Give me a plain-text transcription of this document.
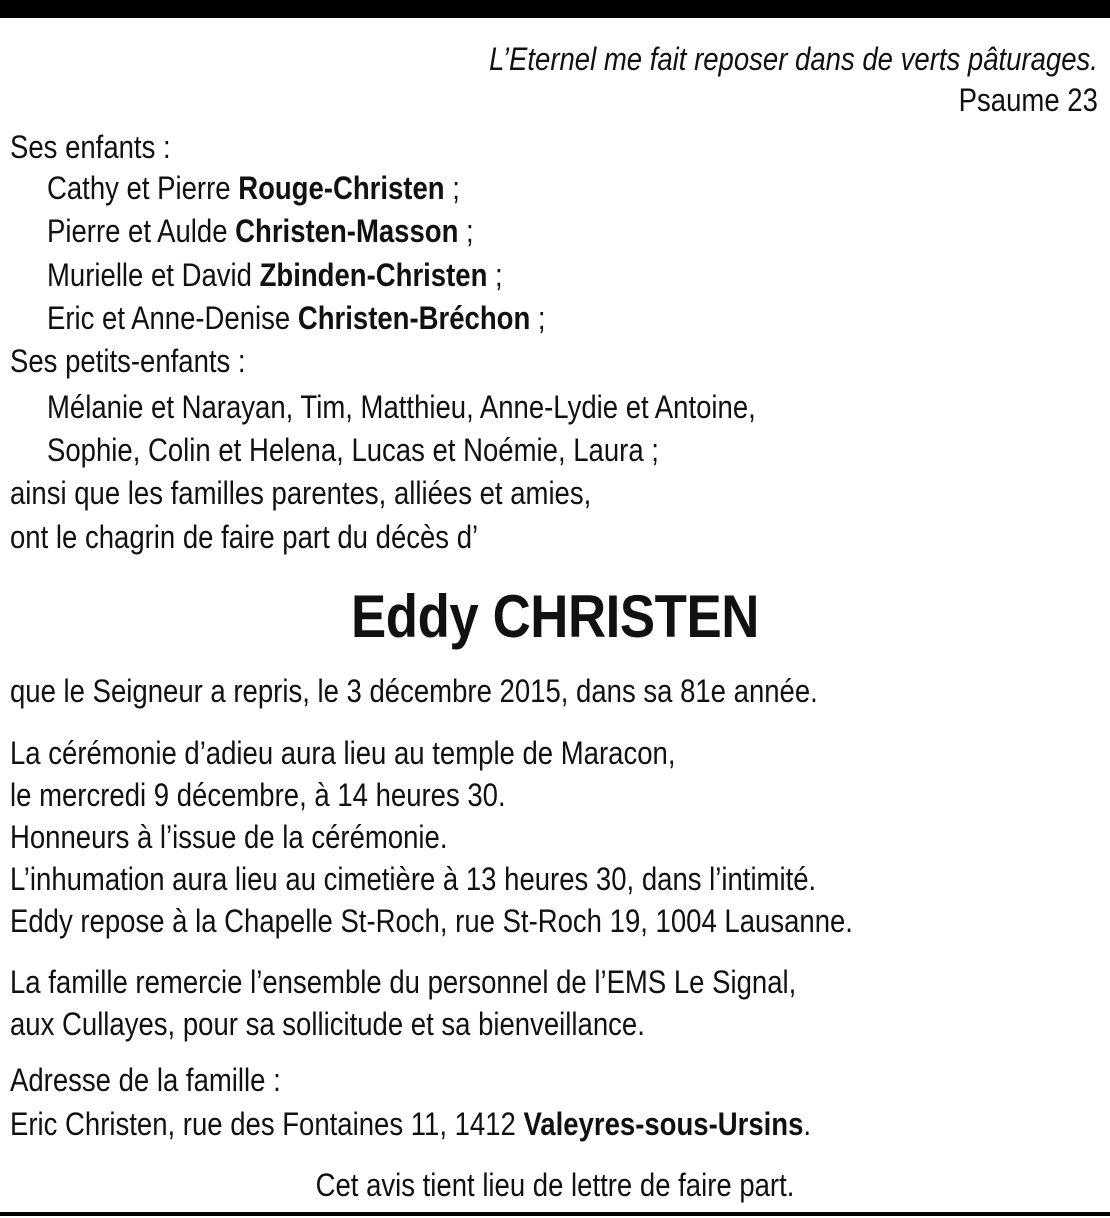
L’Eternel me fait reposer dans de verts pâturages.
Psaume 23
Ses enfants :
Cathy et Pierre Rouge-Christen ;
Pierre et Aulde Christen-Masson ;
Murielle et David Zbinden-Christen ;
Eric et Anne-Denise Christen-Bréchon ;
Ses petits-enfants :
Mélanie et Narayan, Tim, Matthieu, Anne-Lydie et Antoine,
Sophie, Colin et Helena, Lucas et Noémie, Laura ;
ainsi que les familles parentes, alliées et amies,
ont le chagrin de faire part du décès d’
Eddy CHRISTEN
que le Seigneur a repris, le 3 décembre 2015, dans sa 81e année.
La cérémonie d’adieu aura lieu au temple de Maracon,
le mercredi 9 décembre, à 14 heures 30.
Honneurs à l’issue de la cérémonie.
L’inhumation aura lieu au cimetière à 13 heures 30, dans l’intimité.
Eddy repose à la Chapelle St-Roch, rue St-Roch 19, 1004 Lausanne.
La famille remercie l’ensemble du personnel de l’EMS Le Signal,
aux Cullayes, pour sa sollicitude et sa bienveillance.
Adresse de la famille :
Eric Christen, rue des Fontaines 11, 1412 Valeyres-sous-Ursins.
Cet avis tient lieu de lettre de faire part.
